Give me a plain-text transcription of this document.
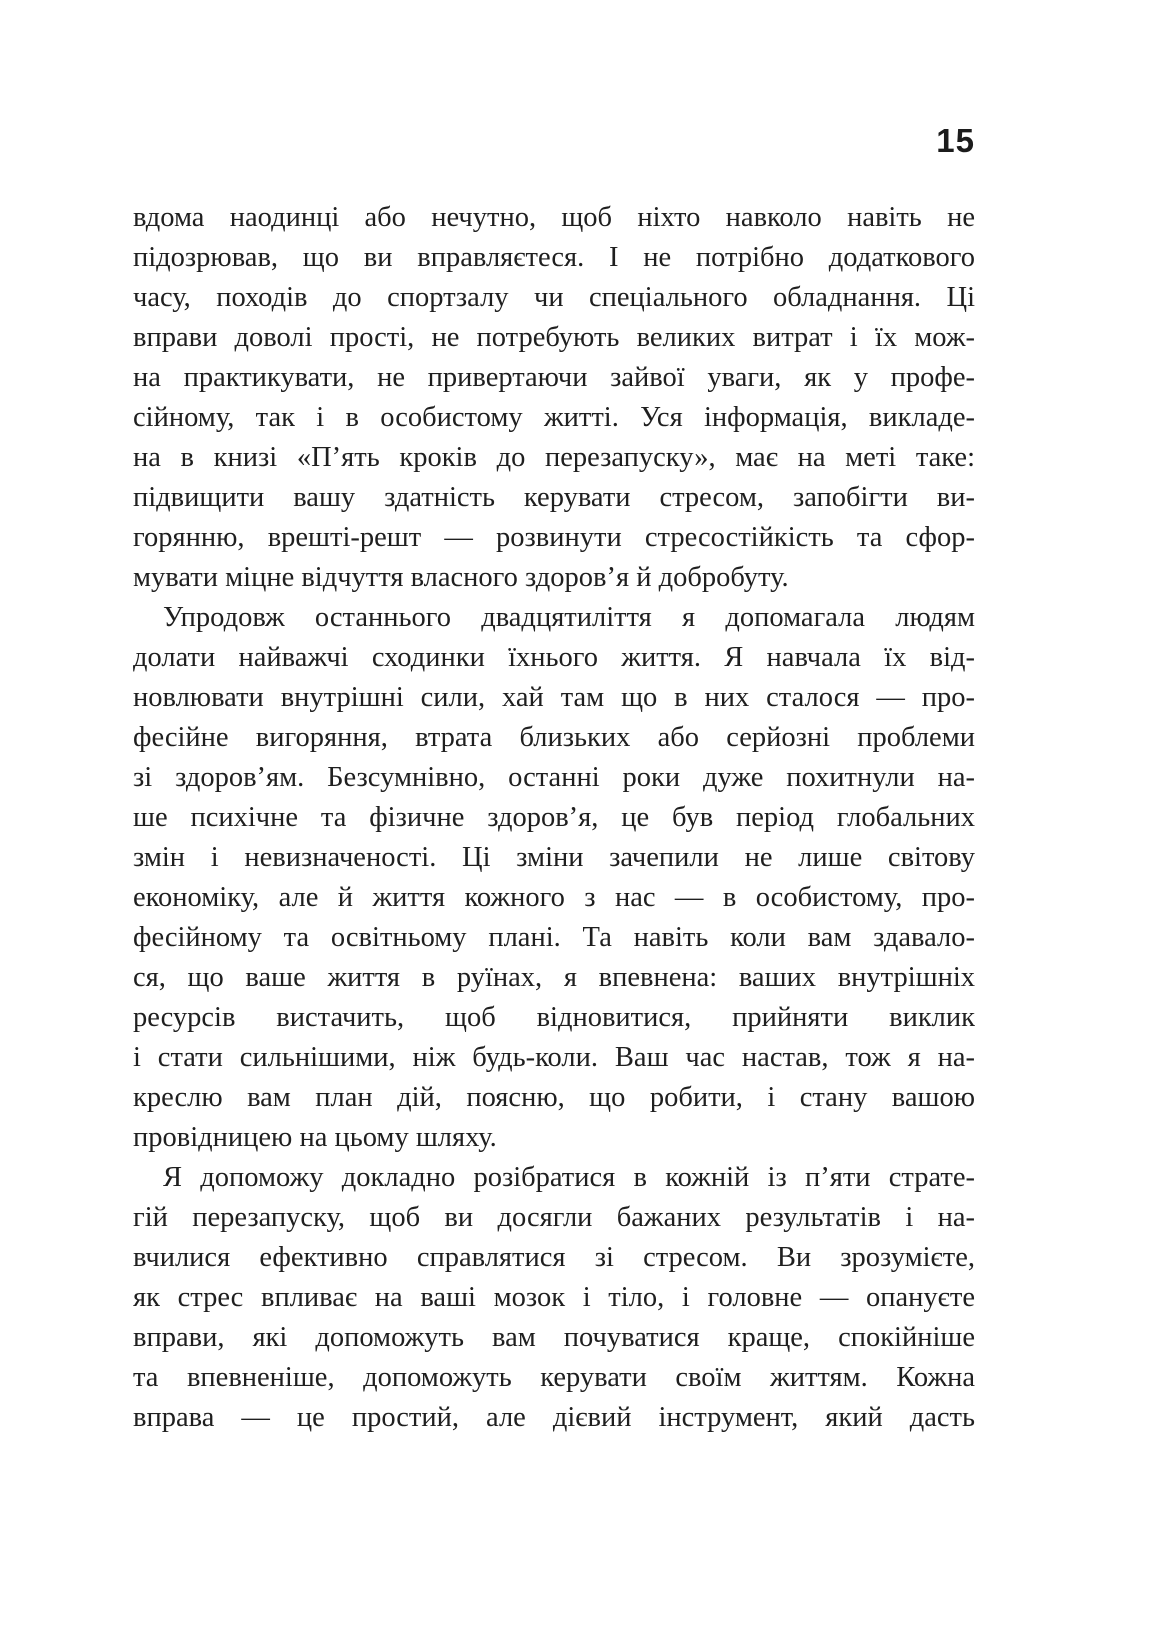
15
вдома наодинці або нечутно, щоб ніхто навколо навіть не
підозрював, що ви вправляєтеся. І не потрібно додаткового
часу, походів до спортзалу чи спеціального обладнання. Ці
вправи доволі прості, не потребують великих витрат і їх мож-
на практикувати, не привертаючи зайвої уваги, як у профе-
сійному, так і в особистому житті. Уся інформація, викладе-
на в книзі «П’ять кроків до перезапуску», має на меті таке:
підвищити вашу здатність керувати стресом, запобігти ви-
горянню, врешті-решт — розвинути стресостійкість та сфор-
мувати міцне відчуття власного здоров’я й добробуту.
Упродовж останнього двадцятиліття я допомагала людям
долати найважчі сходинки їхнього життя. Я навчала їх від-
новлювати внутрішні сили, хай там що в них сталося — про-
фесійне вигоряння, втрата близьких або серйозні проблеми
зі здоров’ям. Безсумнівно, останні роки дуже похитнули на-
ше психічне та фізичне здоров’я, це був період глобальних
змін і невизначеності. Ці зміни зачепили не лише світову
економіку, але й життя кожного з нас — в особистому, про-
фесійному та освітньому плані. Та навіть коли вам здавало-
ся, що ваше життя в руїнах, я впевнена: ваших внутрішніх
ресурсів вистачить, щоб відновитися, прийняти виклик
і стати сильнішими, ніж будь-коли. Ваш час настав, тож я на-
креслю вам план дій, поясню, що робити, і стану вашою
провідницею на цьому шляху.
Я допоможу докладно розібратися в кожній із п’яти страте-
гій перезапуску, щоб ви досягли бажаних результатів і на-
вчилися ефективно справлятися зі стресом. Ви зрозумієте,
як стрес впливає на ваші мозок і тіло, і головне — опануєте
вправи, які допоможуть вам почуватися краще, спокійніше
та впевненіше, допоможуть керувати своїм життям. Кожна
вправа — це простий, але дієвий інструмент, який дасть
